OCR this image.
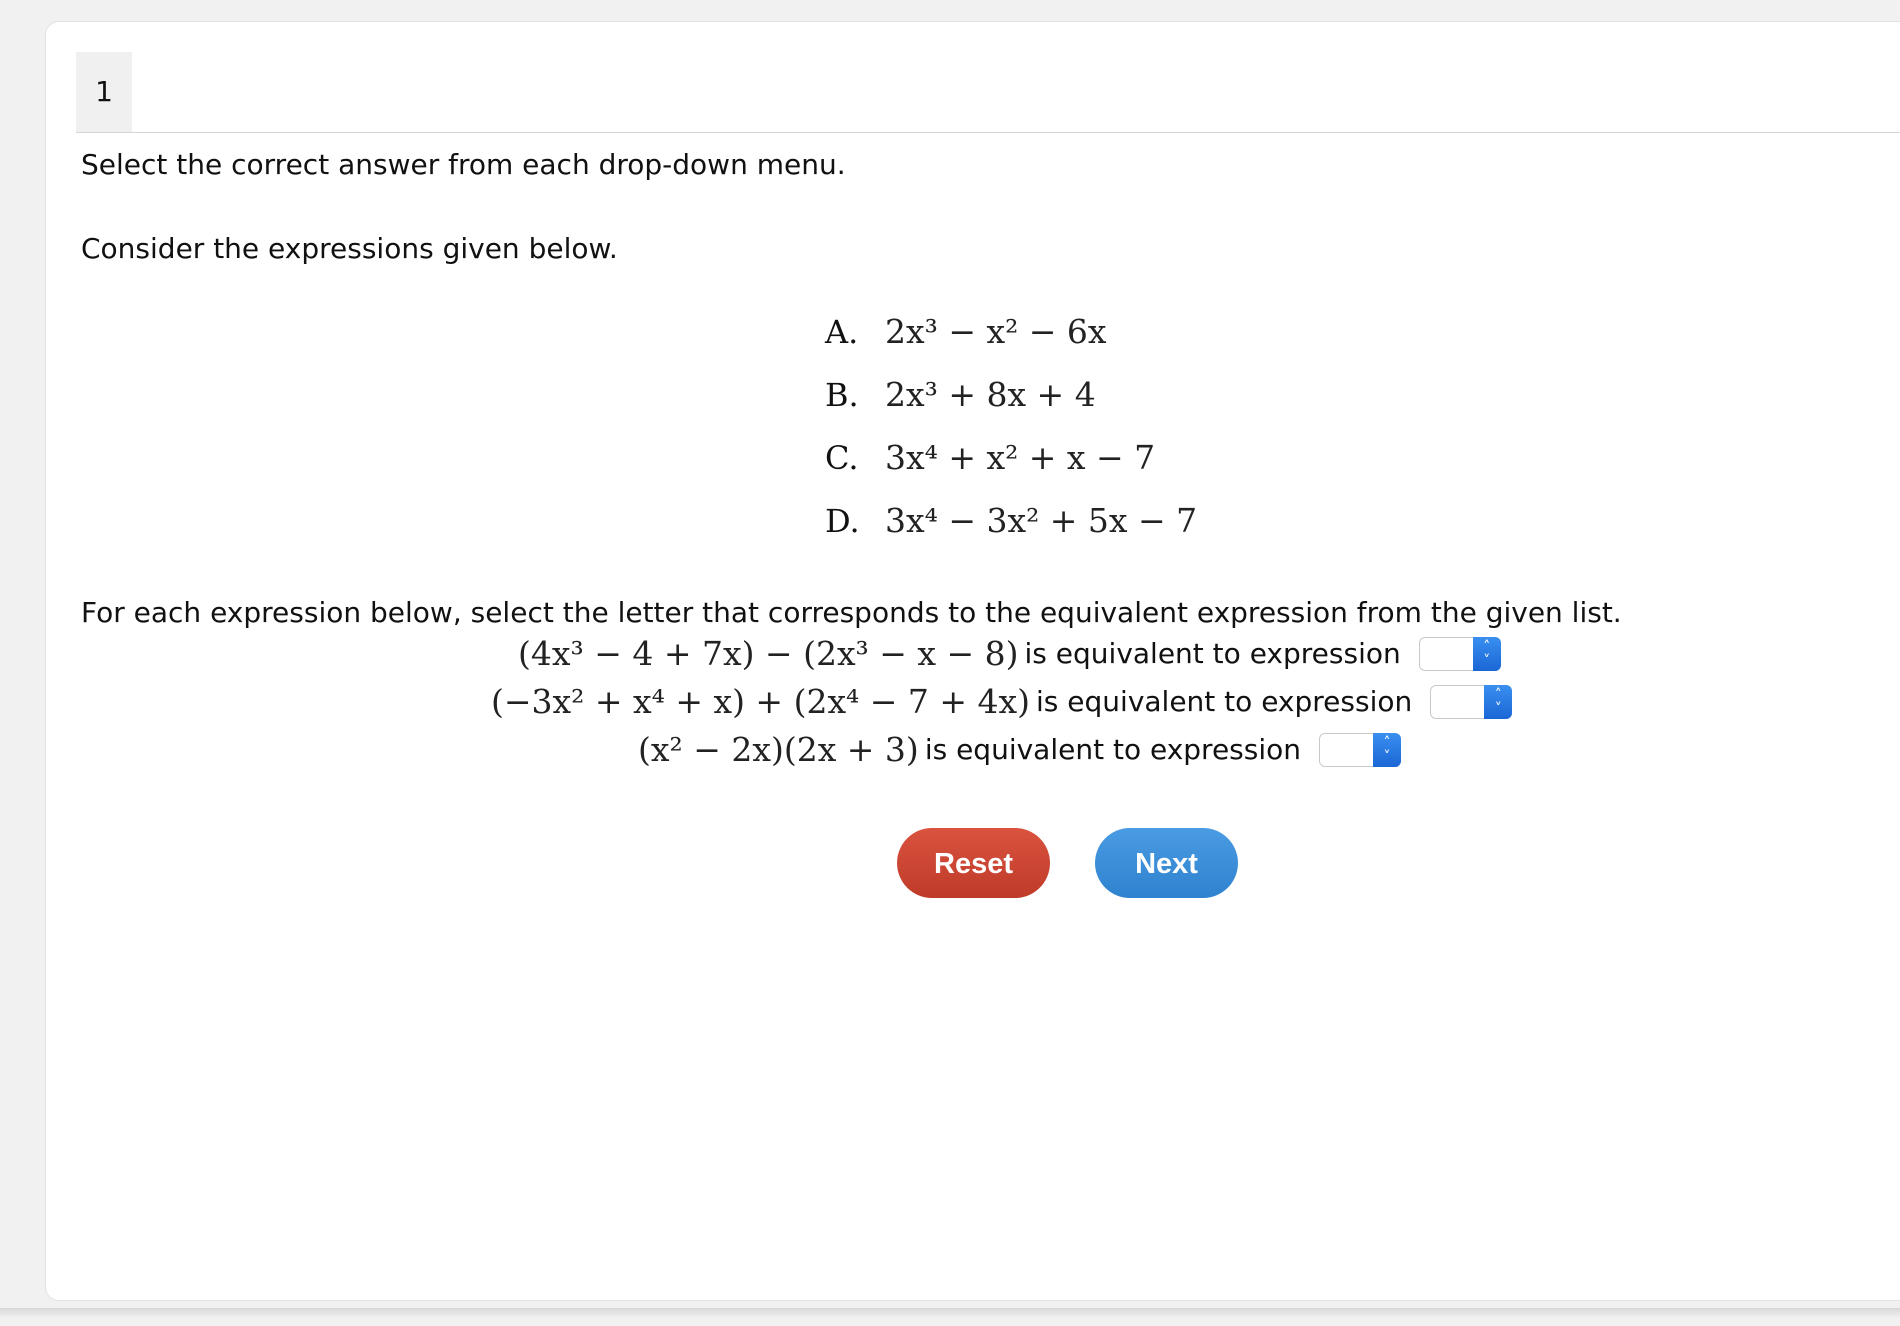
1
Select the correct answer from each drop-down menu.
Consider the expressions given below.
A. 2x³ − x² − 6x
B. 2x³ + 8x + 4
C. 3x⁴ + x² + x − 7
D. 3x⁴ − 3x² + 5x − 7
For each expression below, select the letter that corresponds to the equivalent expression from the given list.
(4x³ − 4 + 7x) − (2x³ − x − 8) is equivalent to expression	˄
˅
(−3x² + x⁴ + x) + (2x⁴ − 7 + 4x) is equivalent to expression	˄
˅
(x² − 2x)(2x + 3) is equivalent to expression	˄
˅
Reset	Next
